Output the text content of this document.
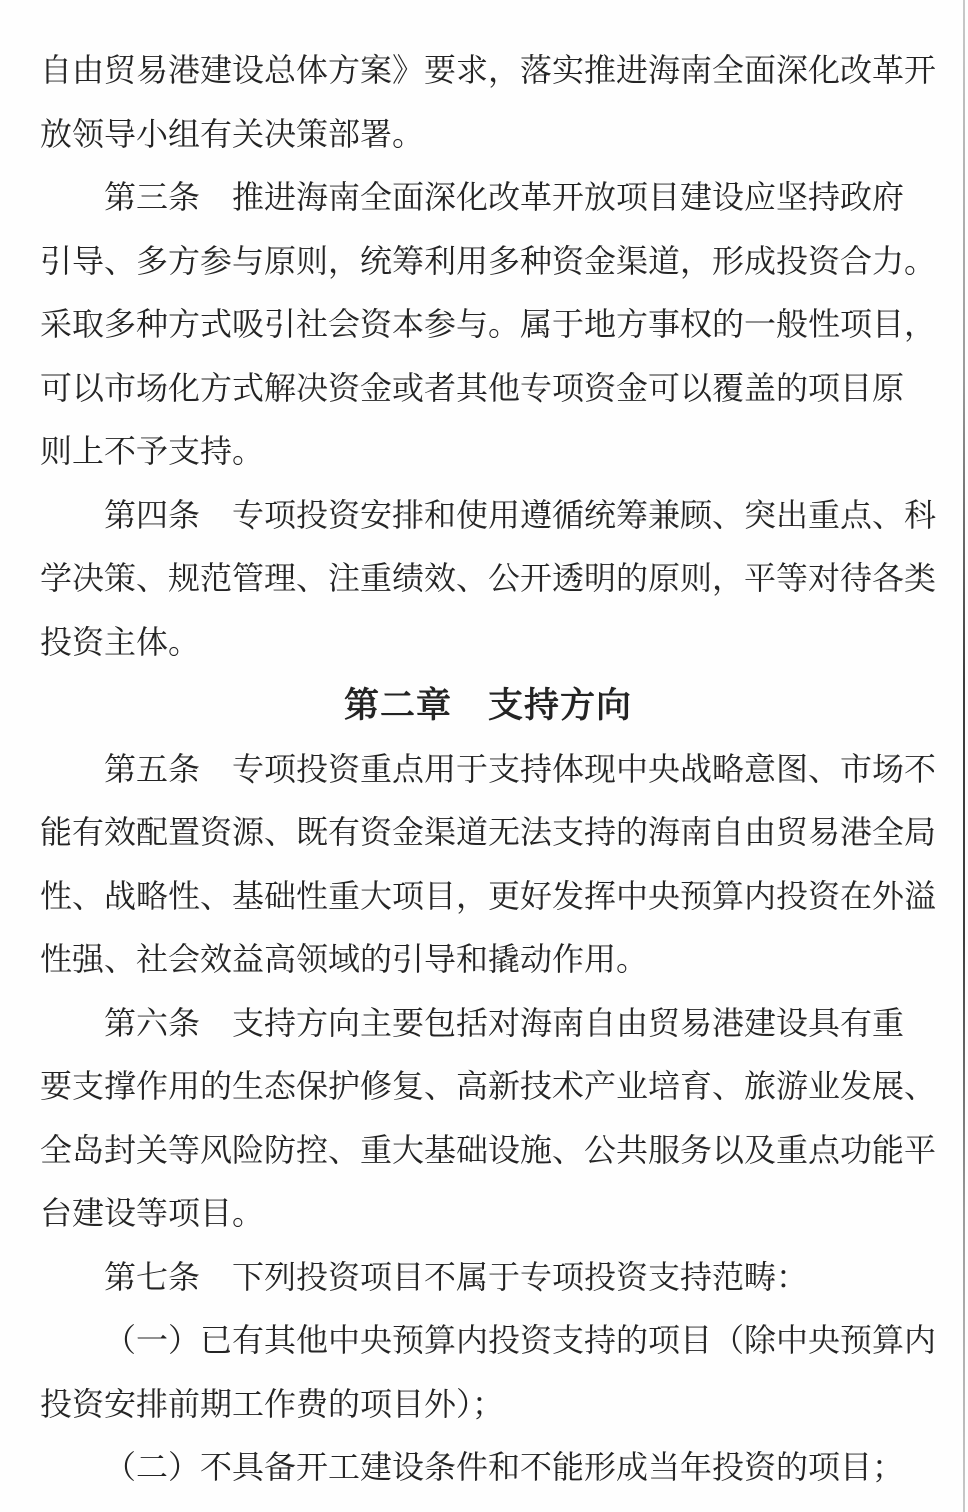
自由贸易港建设总体方案》要求，落实推进海南全面深化改革开
放领导小组有关决策部署。
第三条　推进海南全面深化改革开放项目建设应坚持政府
引导、多方参与原则，统筹利用多种资金渠道，形成投资合力。
采取多种方式吸引社会资本参与。属于地方事权的一般性项目，
可以市场化方式解决资金或者其他专项资金可以覆盖的项目原
则上不予支持。
第四条　专项投资安排和使用遵循统筹兼顾、突出重点、科
学决策、规范管理、注重绩效、公开透明的原则，平等对待各类
投资主体。
第二章　支持方向
第五条　专项投资重点用于支持体现中央战略意图、市场不
能有效配置资源、既有资金渠道无法支持的海南自由贸易港全局
性、战略性、基础性重大项目，更好发挥中央预算内投资在外溢
性强、社会效益高领域的引导和撬动作用。
第六条　支持方向主要包括对海南自由贸易港建设具有重
要支撑作用的生态保护修复、高新技术产业培育、旅游业发展、
全岛封关等风险防控、重大基础设施、公共服务以及重点功能平
台建设等项目。
第七条　下列投资项目不属于专项投资支持范畴：
（一）已有其他中央预算内投资支持的项目（除中央预算内
投资安排前期工作费的项目外）；
（二）不具备开工建设条件和不能形成当年投资的项目；
